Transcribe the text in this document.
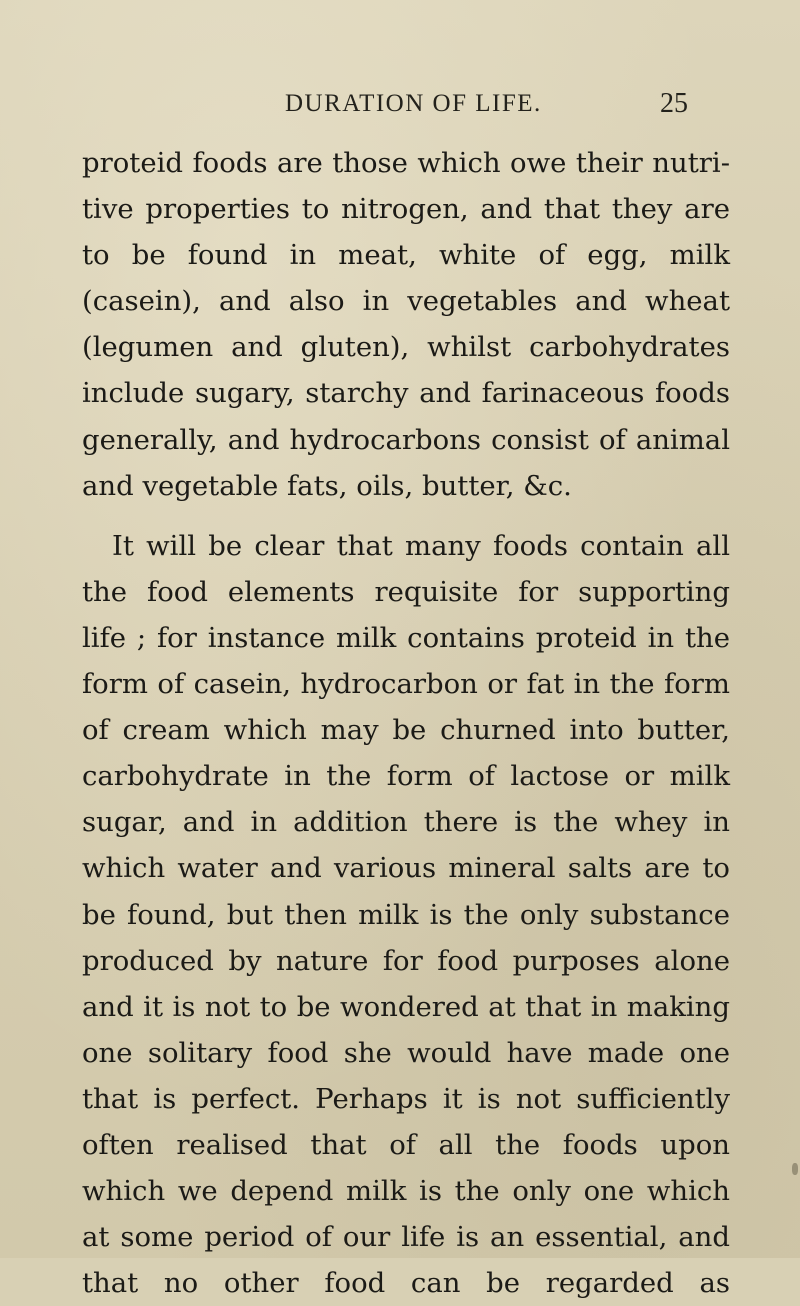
DURATION OF LIFE.	25
proteid foods are those which owe their nutri-
tive properties to nitrogen, and that they are
to be found in meat, white of egg, milk
(casein), and also in vegetables and wheat
(legumen and gluten), whilst carbohydrates
include sugary, starchy and farinaceous foods
generally, and hydrocarbons consist of animal
and vegetable fats, oils, butter, &c.
It will be clear that many foods contain all
the food elements requisite for supporting
life ; for instance milk contains proteid in the
form of casein, hydrocarbon or fat in the form
of cream which may be churned into butter,
carbohydrate in the form of lactose or milk
sugar, and in addition there is the whey in
which water and various mineral salts are to
be found, but then milk is the only substance
produced by nature for food purposes alone
and it is not to be wondered at that in making
one solitary food she would have made one
that is perfect. Perhaps it is not sufficiently
often realised that of all the foods upon
which we depend milk is the only one which
at some period of our life is an essential, and
that no other food can be regarded as
